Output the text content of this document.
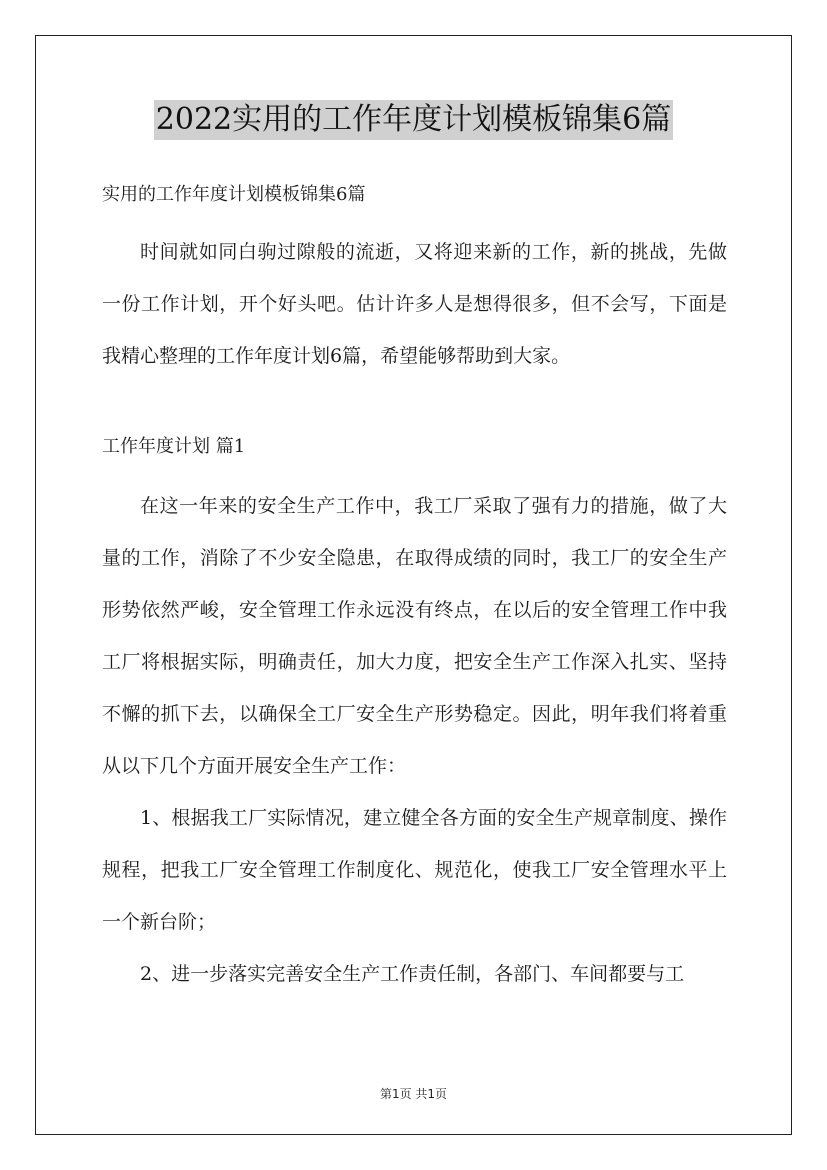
2022实用的工作年度计划模板锦集6篇
实用的工作年度计划模板锦集6篇

时间就如同白驹过隙般的流逝，又将迎来新的工作，新的挑战，先做一份工作计划，开个好头吧。估计许多人是想得很多，但不会写，下面是我精心整理的工作年度计划6篇，希望能够帮助到大家。

工作年度计划 篇1

在这一年来的安全生产工作中，我工厂采取了强有力的措施，做了大量的工作，消除了不少安全隐患，在取得成绩的同时，我工厂的安全生产形势依然严峻，安全管理工作永远没有终点，在以后的安全管理工作中我工厂将根据实际，明确责任，加大力度，把安全生产工作深入扎实、坚持不懈的抓下去，以确保全工厂安全生产形势稳定。因此，明年我们将着重从以下几个方面开展安全生产工作：

1、根据我工厂实际情况，建立健全各方面的安全生产规章制度、操作规程，把我工厂安全管理工作制度化、规范化，使我工厂安全管理水平上一个新台阶；

2、进一步落实完善安全生产工作责任制，各部门、车间都要与工

第1页 共1页
